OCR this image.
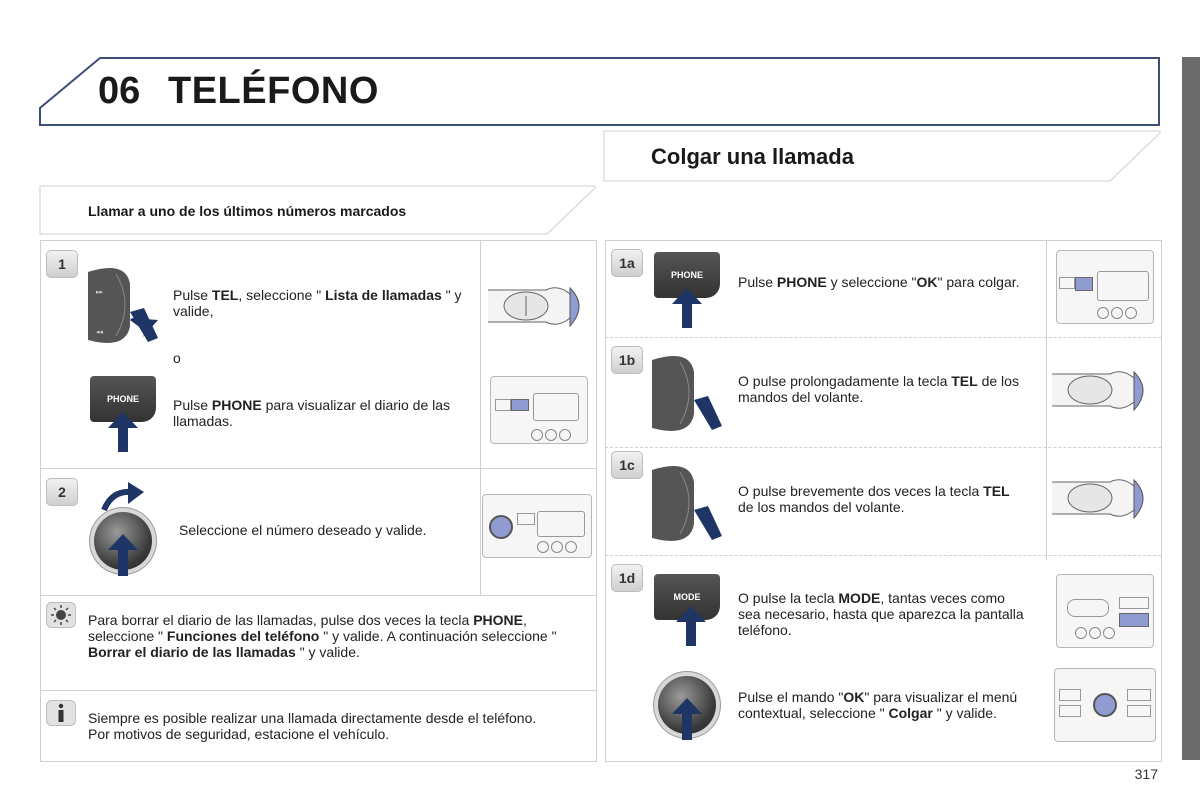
06 TELÉFONO
Colgar una llamada
Llamar a uno de los últimos números marcados
1
▸▸
◂◂
Pulse TEL, seleccione " Lista de llamadas " y valide,
o
PHONE	Pulse PHONE para visualizar el diario de las llamadas.
2
Seleccione el número deseado y valide.
Para borrar el diario de las llamadas, pulse dos veces la tecla PHONE, seleccione " Funciones del teléfono " y valide. A continuación seleccione " Borrar el diario de las llamadas " y valide.
Siempre es posible realizar una llamada directamente desde el teléfono. Por motivos de seguridad, estacione el vehículo.
1a
PHONE	Pulse PHONE y seleccione "OK" para colgar.
1b
O pulse prolongadamente la tecla TEL de los mandos del volante.
1c
O pulse brevemente dos veces la tecla TEL de los mandos del volante.
1d
MODE	O pulse la tecla MODE, tantas veces como sea necesario, hasta que aparezca la pantalla teléfono.
Pulse el mando "OK" para visualizar el menú contextual, seleccione " Colgar " y valide.
317
